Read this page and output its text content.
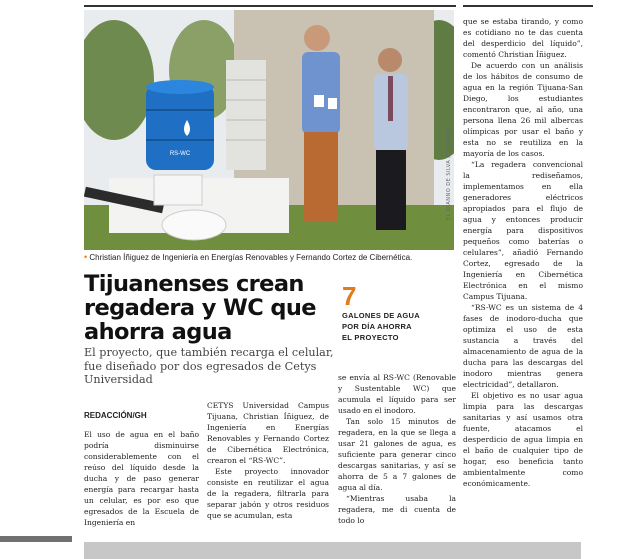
RS-WC	EL DIANNO DE SILVA / TIJUANA
• Christian Íñiguez de Ingeniería en Energías Renovables y Fernando Cortez de Cibernética.
Tijuanenses crean regadera y WC que ahorra agua
7
GALONES DE AGUA
POR DÍA AHORRA
EL PROYECTO
El proyecto, que también recarga el celular, fue diseñado por dos egresados de Cetys Universidad

REDACCIÓN/GH

El uso de agua en el baño podría disminuirse considerablemente con el reúso del líquido desde la ducha y de paso generar energía para recargar hasta un celular, es por eso que egresados de la Escuela de Ingeniería en

CETYS Universidad Campus Tijuana, Christian Íñiguez, de Ingeniería en Energías Renovables y Fernando Cortez de Cibernética Electrónica, crearon el “RS-WC”.

Este proyecto innovador consiste en reutilizar el agua de la regadera, filtrarla para separar jabón y otros residuos que se acumulan, esta

se envía al RS-WC (Renovable y Sustentable WC) que acumula el líquido para ser usado en el inodoro.

Tan solo 15 minutos de regadera, en la que se llega a usar 21 galones de agua, es suficiente para generar cinco descargas sanitarias, y así se ahorra de 5 a 7 galones de agua al día.

“Mientras usaba la regadera, me di cuenta de todo lo

que se estaba tirando, y como es cotidiano no te das cuenta del desperdicio del líquido”, comentó Christian Íñiguez.

De acuerdo con un análisis de los hábitos de consumo de agua en la región Tijuana-San Diego, los estudiantes encontraron que, al año, una persona llena 26 mil albercas olímpicas por usar el baño y esta no se reutiliza en la mayoría de los casos.

“La regadera convencional la rediseñamos, implementamos en ella generadores eléctricos apropiados para el flujo de agua y entonces producir energía para dispositivos pequeños como baterías o celulares”, añadió Fernando Cortez, egresado de la Ingeniería en Cibernética Electrónica en el mismo Campus Tijuana.

“RS-WC es un sistema de 4 fases de inodoro-ducha que optimiza el uso de esta sustancia a través del almacenamiento de agua de la ducha para las descargas del inodoro mientras genera electricidad”, detallaron.

El objetivo es no usar agua limpia para las descargas sanitarias y así usamos otra fuente, atacamos el desperdicio de agua limpia en el baño de cualquier tipo de hogar, eso beneficia tanto ambientalmente como económicamente.
